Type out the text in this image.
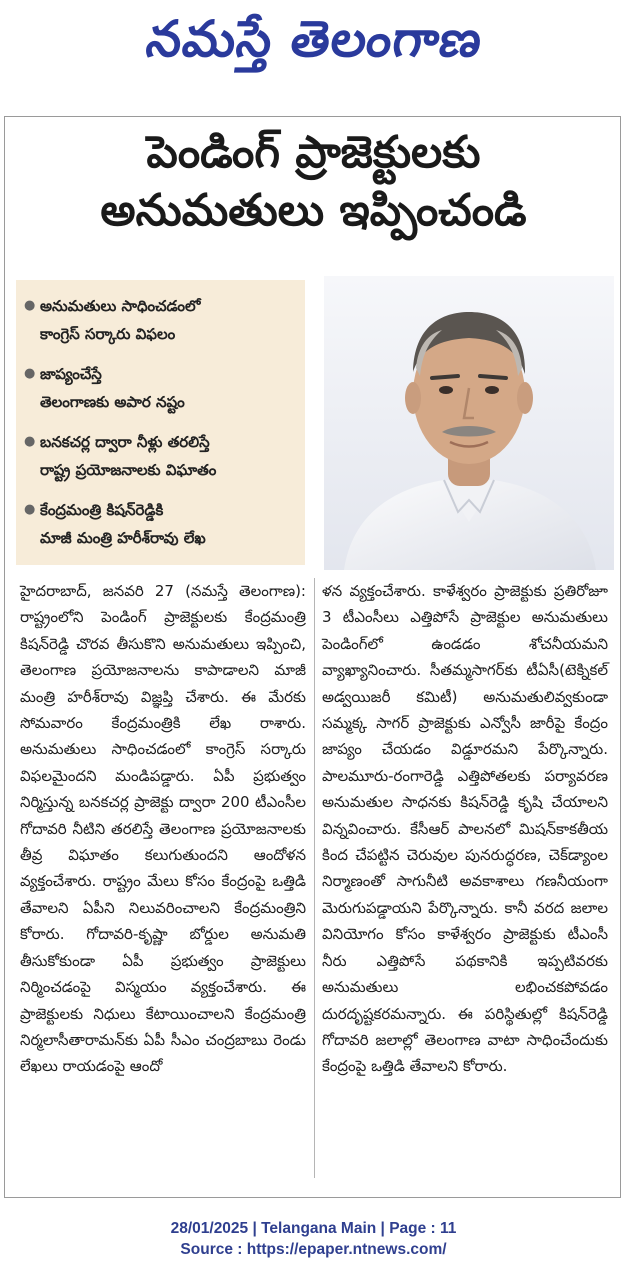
నమస్తే తెలంగాణ
పెండింగ్ ప్రాజెక్టులకు
అనుమతులు ఇప్పించండి
● అనుమతులు సాధించడంలో
కాంగ్రెస్ సర్కారు విఫలం
● జాప్యంచేస్తే
తెలంగాణకు అపార నష్టం
● బనకచర్ల ద్వారా నీళ్లు తరలిస్తే
రాష్ట్ర ప్రయోజనాలకు విఘాతం
● కేంద్రమంత్రి కిషన్‌రెడ్డికి
మాజీ మంత్రి హరీశ్‌రావు లేఖ

హైదరాబాద్, జనవరి 27 (నమస్తే తెలంగాణ): రాష్ట్రంలోని పెండింగ్ ప్రాజెక్టులకు కేంద్రమంత్రి కిషన్‌రెడ్డి చొరవ తీసుకొని అనుమతులు ఇప్పించి, తెలంగాణ ప్రయోజనాలను కాపాడాలని మాజీ మంత్రి హరీశ్‌రావు విజ్ఞప్తి చేశారు. ఈ మేరకు సోమవారం కేంద్రమంత్రికి లేఖ రాశారు. అనుమతులు సాధించడంలో కాంగ్రెస్ సర్కారు విఫలమైందని మండిపడ్డారు. ఏపీ ప్రభుత్వం నిర్మిస్తున్న బనకచర్ల ప్రాజెక్టు ద్వారా 200 టీఎంసీల గోదావరి నీటిని తరలిస్తే తెలంగాణ ప్రయోజనాలకు తీవ్ర విఘాతం కలుగుతుందని ఆందోళన వ్యక్తంచేశారు. రాష్ట్రం మేలు కోసం కేంద్రంపై ఒత్తిడి తేవాలని ఏపీని నిలువరించాలని కేంద్రమంత్రిని కోరారు. గోదావరి-కృష్ణా బోర్డుల అనుమతి తీసుకోకుండా ఏపీ ప్రభుత్వం ప్రాజెక్టులు నిర్మించడంపై విస్మయం వ్యక్తంచేశారు. ఈ ప్రాజెక్టులకు నిధులు కేటాయించాలని కేంద్రమంత్రి నిర్మలాసీతారామన్‌కు ఏపీ సీఎం చంద్రబాబు రెండు లేఖలు రాయడంపై ఆందో

ళన వ్యక్తంచేశారు. కాళేశ్వరం ప్రాజెక్టుకు ప్రతిరోజూ 3 టీఎంసీలు ఎత్తిపోసే ప్రాజెక్టుల అనుమతులు పెండింగ్‌లో ఉండడం శోచనీయమని వ్యాఖ్యానించారు. సీతమ్మసాగర్‌కు టీఏసీ(టెక్నికల్ అడ్వయిజరీ కమిటీ) అనుమతులివ్వకుండా సమ్మక్క సాగర్ ప్రాజెక్టుకు ఎన్వోసీ జారీపై కేంద్రం జాప్యం చేయడం విడ్డూరమని పేర్కొన్నారు. పాలమూరు-రంగారెడ్డి ఎత్తిపోతలకు పర్యావరణ అనుమతుల సాధనకు కిషన్‌రెడ్డి కృషి చేయాలని విన్నవించారు. కేసీఆర్ పాలనలో మిషన్‌కాకతీయ కింద చేపట్టిన చెరువుల పునరుద్ధరణ, చెక్‌డ్యాంల నిర్మాణంతో సాగునీటి అవకాశాలు గణనీయంగా మెరుగుపడ్డాయని పేర్కొన్నారు. కానీ వరద జలాల వినియోగం కోసం కాళేశ్వరం ప్రాజెక్టుకు టీఎంసీ నీరు ఎత్తిపోసే పథకానికి ఇప్పటివరకు అనుమతులు లభించకపోవడం దురదృష్టకరమన్నారు. ఈ పరిస్థితుల్లో కిషన్‌రెడ్డి గోదావరి జలాల్లో తెలంగాణ వాటా సాధించేందుకు కేంద్రంపై ఒత్తిడి తేవాలని కోరారు.

28/01/2025 | Telangana Main | Page : 11
Source : https://epaper.ntnews.com/
